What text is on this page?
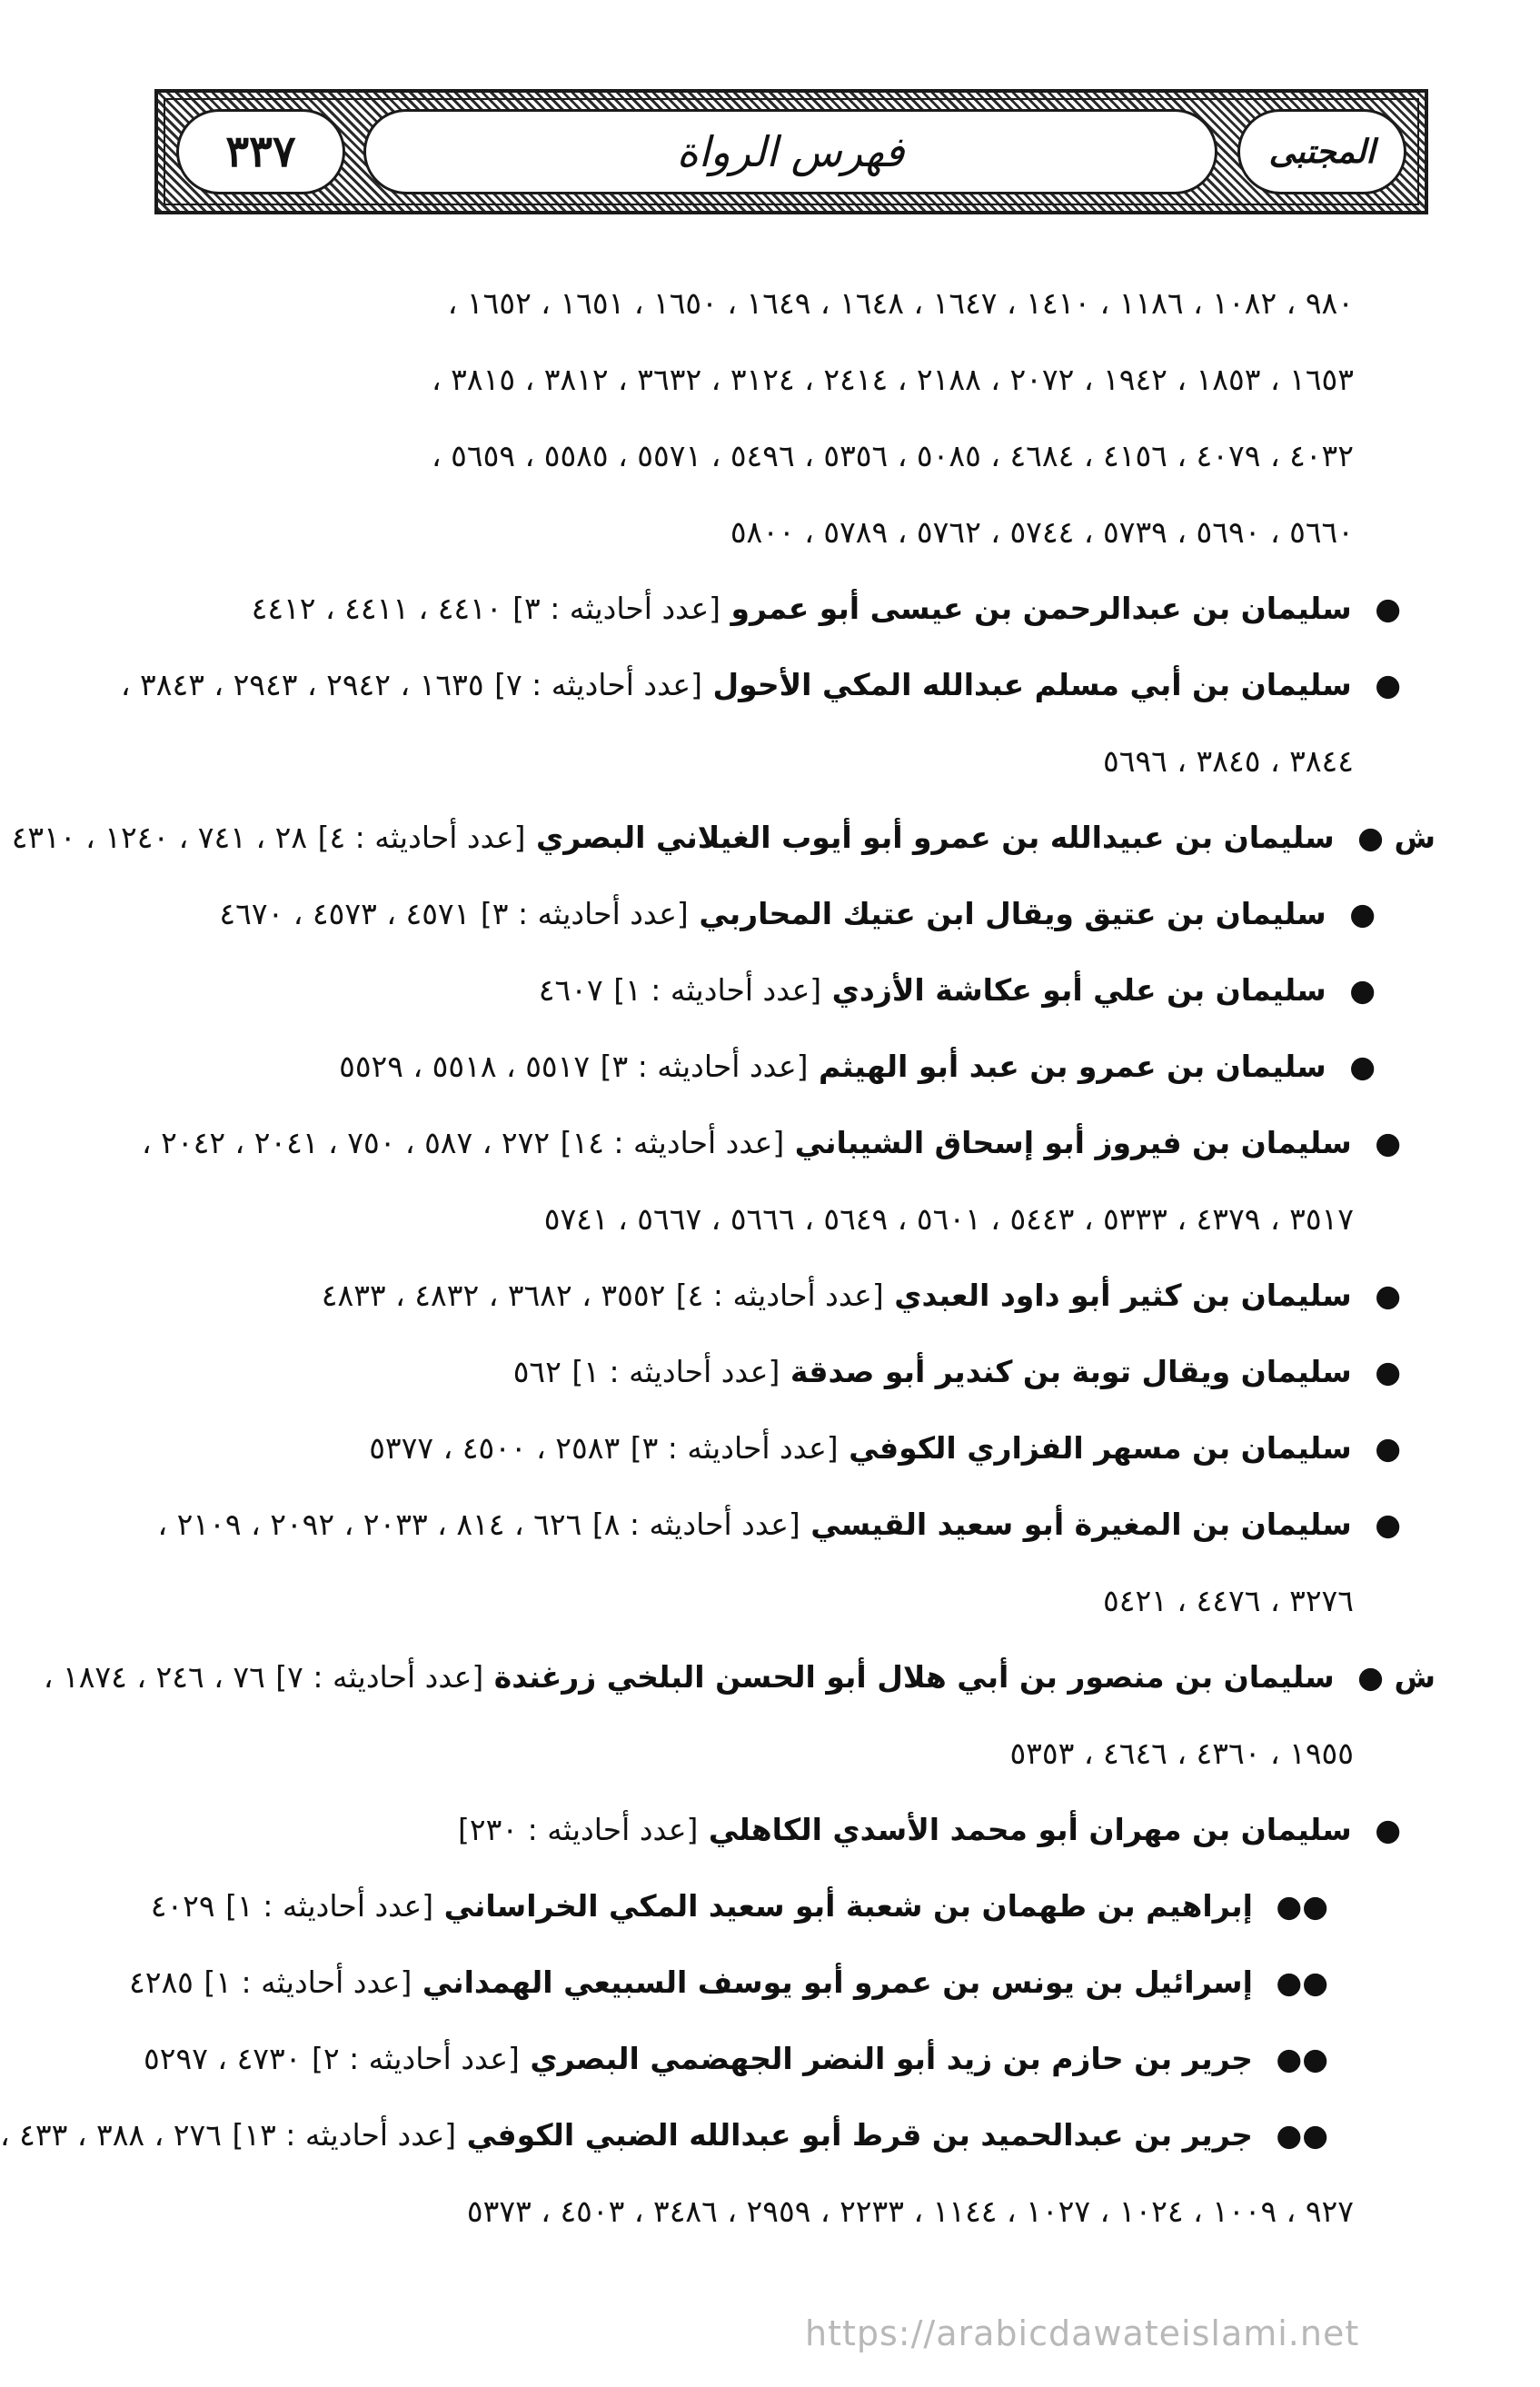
٣٣٧	فهرس الرواة	المجتبى
٩٨٠ ، ١٠٨٢ ، ١١٨٦ ، ١٤١٠ ، ١٦٤٧ ، ١٦٤٨ ، ١٦٤٩ ، ١٦٥٠ ، ١٦٥١ ، ١٦٥٢ ،
١٦٥٣ ، ١٨٥٣ ، ١٩٤٢ ، ٢٠٧٢ ، ٢١٨٨ ، ٢٤١٤ ، ٣١٢٤ ، ٣٦٣٢ ، ٣٨١٢ ، ٣٨١٥ ،
٤٠٣٢ ، ٤٠٧٩ ، ٤١٥٦ ، ٤٦٨٤ ، ٥٠٨٥ ، ٥٣٥٦ ، ٥٤٩٦ ، ٥٥٧١ ، ٥٥٨٥ ، ٥٦٥٩ ،
٥٦٦٠ ، ٥٦٩٠ ، ٥٧٣٩ ، ٥٧٤٤ ، ٥٧٦٢ ، ٥٧٨٩ ، ٥٨٠٠
● سليمان بن عبدالرحمن بن عيسى أبو عمرو [عدد أحاديثه : ٣] ٤٤١٠ ، ٤٤١١ ، ٤٤١٢
● سليمان بن أبي مسلم عبدالله المكي الأحول [عدد أحاديثه : ٧] ١٦٣٥ ، ٢٩٤٢ ، ٢٩٤٣ ، ٣٨٤٣ ،
٣٨٤٤ ، ٣٨٤٥ ، ٥٦٩٦
ش ● سليمان بن عبيدالله بن عمرو أبو أيوب الغيلاني البصري [عدد أحاديثه : ٤] ٢٨ ، ٧٤١ ، ١٢٤٠ ، ٤٣١٠
● سليمان بن عتيق ويقال ابن عتيك المحاربي [عدد أحاديثه : ٣] ٤٥٧١ ، ٤٥٧٣ ، ٤٦٧٠
● سليمان بن علي أبو عكاشة الأزدي [عدد أحاديثه : ١] ٤٦٠٧
● سليمان بن عمرو بن عبد أبو الهيثم [عدد أحاديثه : ٣] ٥٥١٧ ، ٥٥١٨ ، ٥٥٢٩
● سليمان بن فيروز أبو إسحاق الشيباني [عدد أحاديثه : ١٤] ٢٧٢ ، ٥٨٧ ، ٧٥٠ ، ٢٠٤١ ، ٢٠٤٢ ،
٣٥١٧ ، ٤٣٧٩ ، ٥٣٣٣ ، ٥٤٤٣ ، ٥٦٠١ ، ٥٦٤٩ ، ٥٦٦٦ ، ٥٦٦٧ ، ٥٧٤١
● سليمان بن كثير أبو داود العبدي [عدد أحاديثه : ٤] ٣٥٥٢ ، ٣٦٨٢ ، ٤٨٣٢ ، ٤٨٣٣
● سليمان ويقال توبة بن كندير أبو صدقة [عدد أحاديثه : ١] ٥٦٢
● سليمان بن مسهر الفزاري الكوفي [عدد أحاديثه : ٣] ٢٥٨٣ ، ٤٥٠٠ ، ٥٣٧٧
● سليمان بن المغيرة أبو سعيد القيسي [عدد أحاديثه : ٨] ٦٢٦ ، ٨١٤ ، ٢٠٣٣ ، ٢٠٩٢ ، ٢١٠٩ ،
٣٢٧٦ ، ٤٤٧٦ ، ٥٤٢١
ش ● سليمان بن منصور بن أبي هلال أبو الحسن البلخي زرغندة [عدد أحاديثه : ٧] ٧٦ ، ٢٤٦ ، ١٨٧٤ ،
١٩٥٥ ، ٤٣٦٠ ، ٤٦٤٦ ، ٥٣٥٣
● سليمان بن مهران أبو محمد الأسدي الكاهلي [عدد أحاديثه : ٢٣٠]
●● إبراهيم بن طهمان بن شعبة أبو سعيد المكي الخراساني [عدد أحاديثه : ١] ٤٠٢٩
●● إسرائيل بن يونس بن عمرو أبو يوسف السبيعي الهمداني [عدد أحاديثه : ١] ٤٢٨٥
●● جرير بن حازم بن زيد أبو النضر الجهضمي البصري [عدد أحاديثه : ٢] ٤٧٣٠ ، ٥٢٩٧
●● جرير بن عبدالحميد بن قرط أبو عبدالله الضبي الكوفي [عدد أحاديثه : ١٣] ٢٧٦ ، ٣٨٨ ، ٤٣٣ ،
٩٢٧ ، ١٠٠٩ ، ١٠٢٤ ، ١٠٢٧ ، ١١٤٤ ، ٢٢٣٣ ، ٢٩٥٩ ، ٣٤٨٦ ، ٤٥٠٣ ، ٥٣٧٣
https://arabicdawateislami.net
